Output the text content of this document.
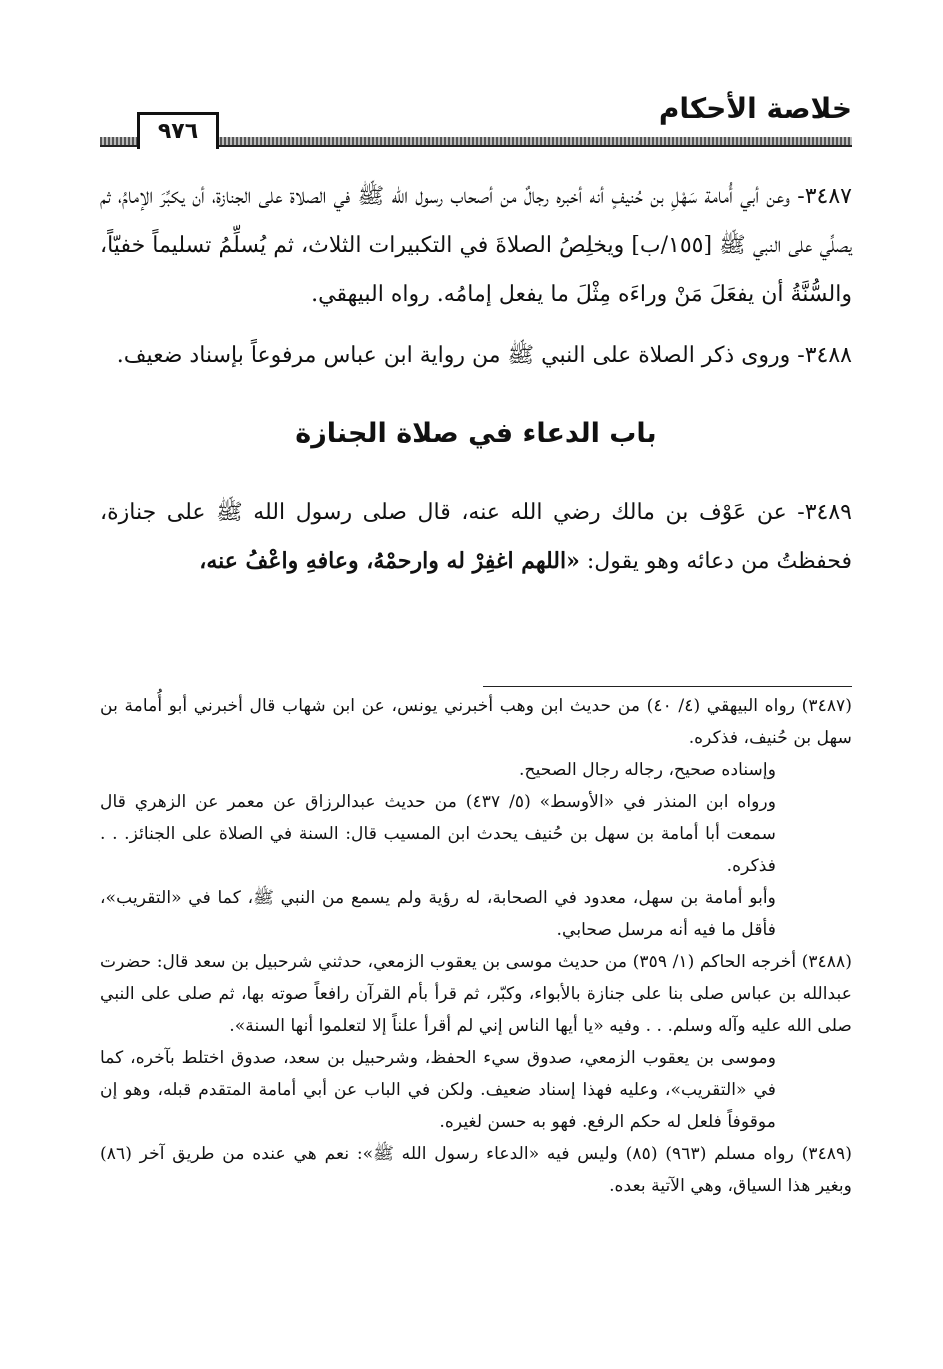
خلاصة الأحكام
٩٧٦

٣٤٨٧- وعن أبي أُمامة سَهْلِ بن حُنيفٍ أنه أخبره رجالٌ من أصحاب رسول الله ﷺ في الصلاة على الجنازة، أن يكبِّرَ الإمامُ، ثم يصلِّي على النبي ﷺ [١٥٥/ب] ويخلِصُ الصلاةَ في التكبيرات الثلاث، ثم يُسلِّمُ تسليماً خفيّاً، والسُّنَّةُ أن يفعَلَ مَنْ وراءَه مِثْلَ ما يفعل إمامُه. رواه البيهقي.

٣٤٨٨- وروى ذكر الصلاة على النبي ﷺ من رواية ابن عباس مرفوعاً بإسناد ضعيف.

باب الدعاء في صلاة الجنازة

٣٤٨٩- عن عَوْف بن مالك رضي الله عنه، قال صلى رسول الله ﷺ على جنازة، فحفظتُ من دعائه وهو يقول: «اللهم اغفِرْ له وارحمْهُ، وعافهِ واعْفُ عنه،

(٣٤٨٧) رواه البيهقي (٤/ ٤٠) من حديث ابن وهب أخبرني يونس، عن ابن شهاب قال أخبرني أبو أُمامة بن سهل بن حُنيف، فذكره.

وإسناده صحيح، رجاله رجال الصحيح.

ورواه ابن المنذر في «الأوسط» (٥/ ٤٣٧) من حديث عبدالرزاق عن معمر عن الزهري قال سمعت أبا أمامة بن سهل بن حُنيف يحدث ابن المسيب قال: السنة في الصلاة على الجنائز. . . فذكره.

وأبو أمامة بن سهل، معدود في الصحابة، له رؤية ولم يسمع من النبي ﷺ، كما في «التقريب»، فأقل ما فيه أنه مرسل صحابي.

(٣٤٨٨) أخرجه الحاكم (١/ ٣٥٩) من حديث موسى بن يعقوب الزمعي، حدثني شرحبيل بن سعد قال: حضرت عبدالله بن عباس صلى بنا على جنازة بالأبواء، وكبّر، ثم قرأ بأم القرآن رافعاً صوته بها، ثم صلى على النبي صلى الله عليه وآله وسلم. . . وفيه «يا أيها الناس إني لم أقرأ علناً إلا لتعلموا أنها السنة».

وموسى بن يعقوب الزمعي، صدوق سيء الحفظ، وشرحبيل بن سعد، صدوق اختلط بآخره، كما في «التقريب»، وعليه فهذا إسناد ضعيف. ولكن في الباب عن أبي أمامة المتقدم قبله، وهو إن موقوفاً فلعل له حكم الرفع. فهو به حسن لغيره.

(٣٤٨٩) رواه مسلم (٩٦٣) (٨٥) وليس فيه «الدعاء رسول الله ﷺ»: نعم هي عنده من طريق آخر (٨٦) وبغير هذا السياق، وهي الآتية بعده.
